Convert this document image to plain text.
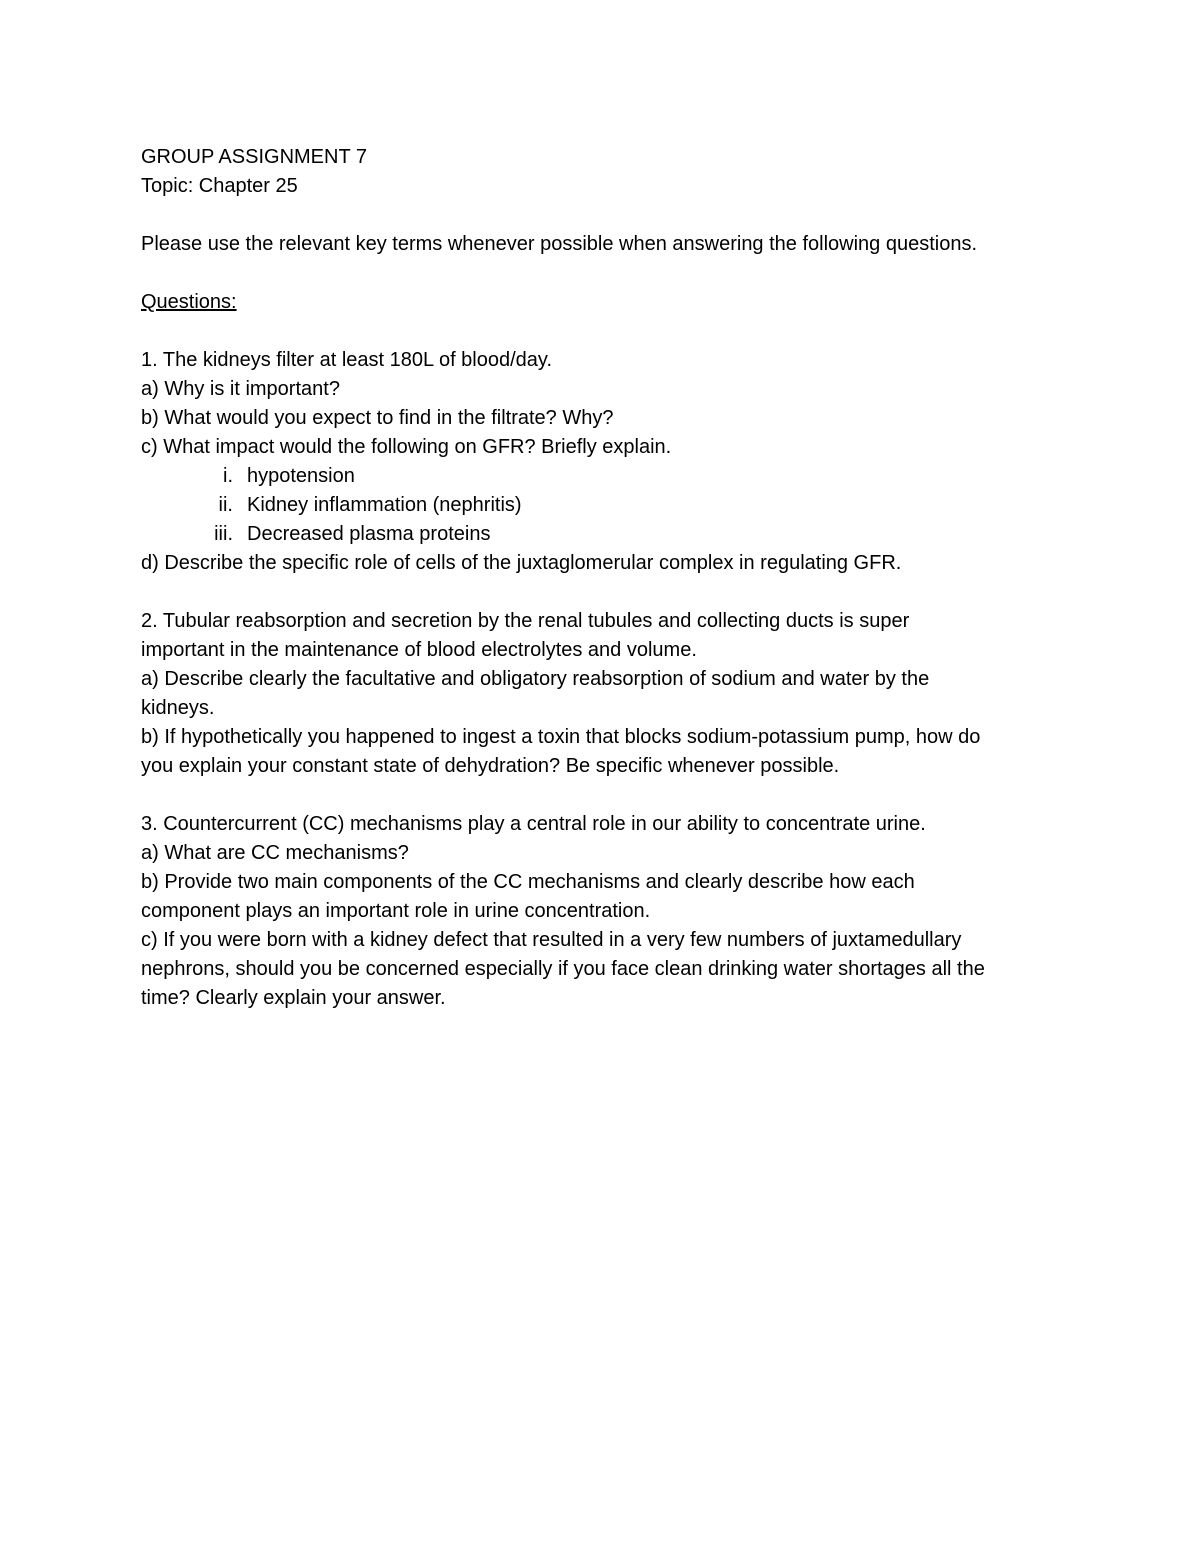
GROUP ASSIGNMENT 7
Topic: Chapter 25
Please use the relevant key terms whenever possible when answering the following questions.
Questions:
1. The kidneys filter at least 180L of blood/day.
a) Why is it important?
b) What would you expect to find in the filtrate? Why?
c) What impact would the following on GFR? Briefly explain.
i. hypotension
ii. Kidney inflammation (nephritis)
iii. Decreased plasma proteins
d) Describe the specific role of cells of the juxtaglomerular complex in regulating GFR.
2. Tubular reabsorption and secretion by the renal tubules and collecting ducts is super
important in the maintenance of blood electrolytes and volume.
a) Describe clearly the facultative and obligatory reabsorption of sodium and water by the
kidneys.
b) If hypothetically you happened to ingest a toxin that blocks sodium-potassium pump, how do
you explain your constant state of dehydration? Be specific whenever possible.
3. Countercurrent (CC) mechanisms play a central role in our ability to concentrate urine.
a) What are CC mechanisms?
b) Provide two main components of the CC mechanisms and clearly describe how each
component plays an important role in urine concentration.
c) If you were born with a kidney defect that resulted in a very few numbers of juxtamedullary
nephrons, should you be concerned especially if you face clean drinking water shortages all the
time? Clearly explain your answer.
